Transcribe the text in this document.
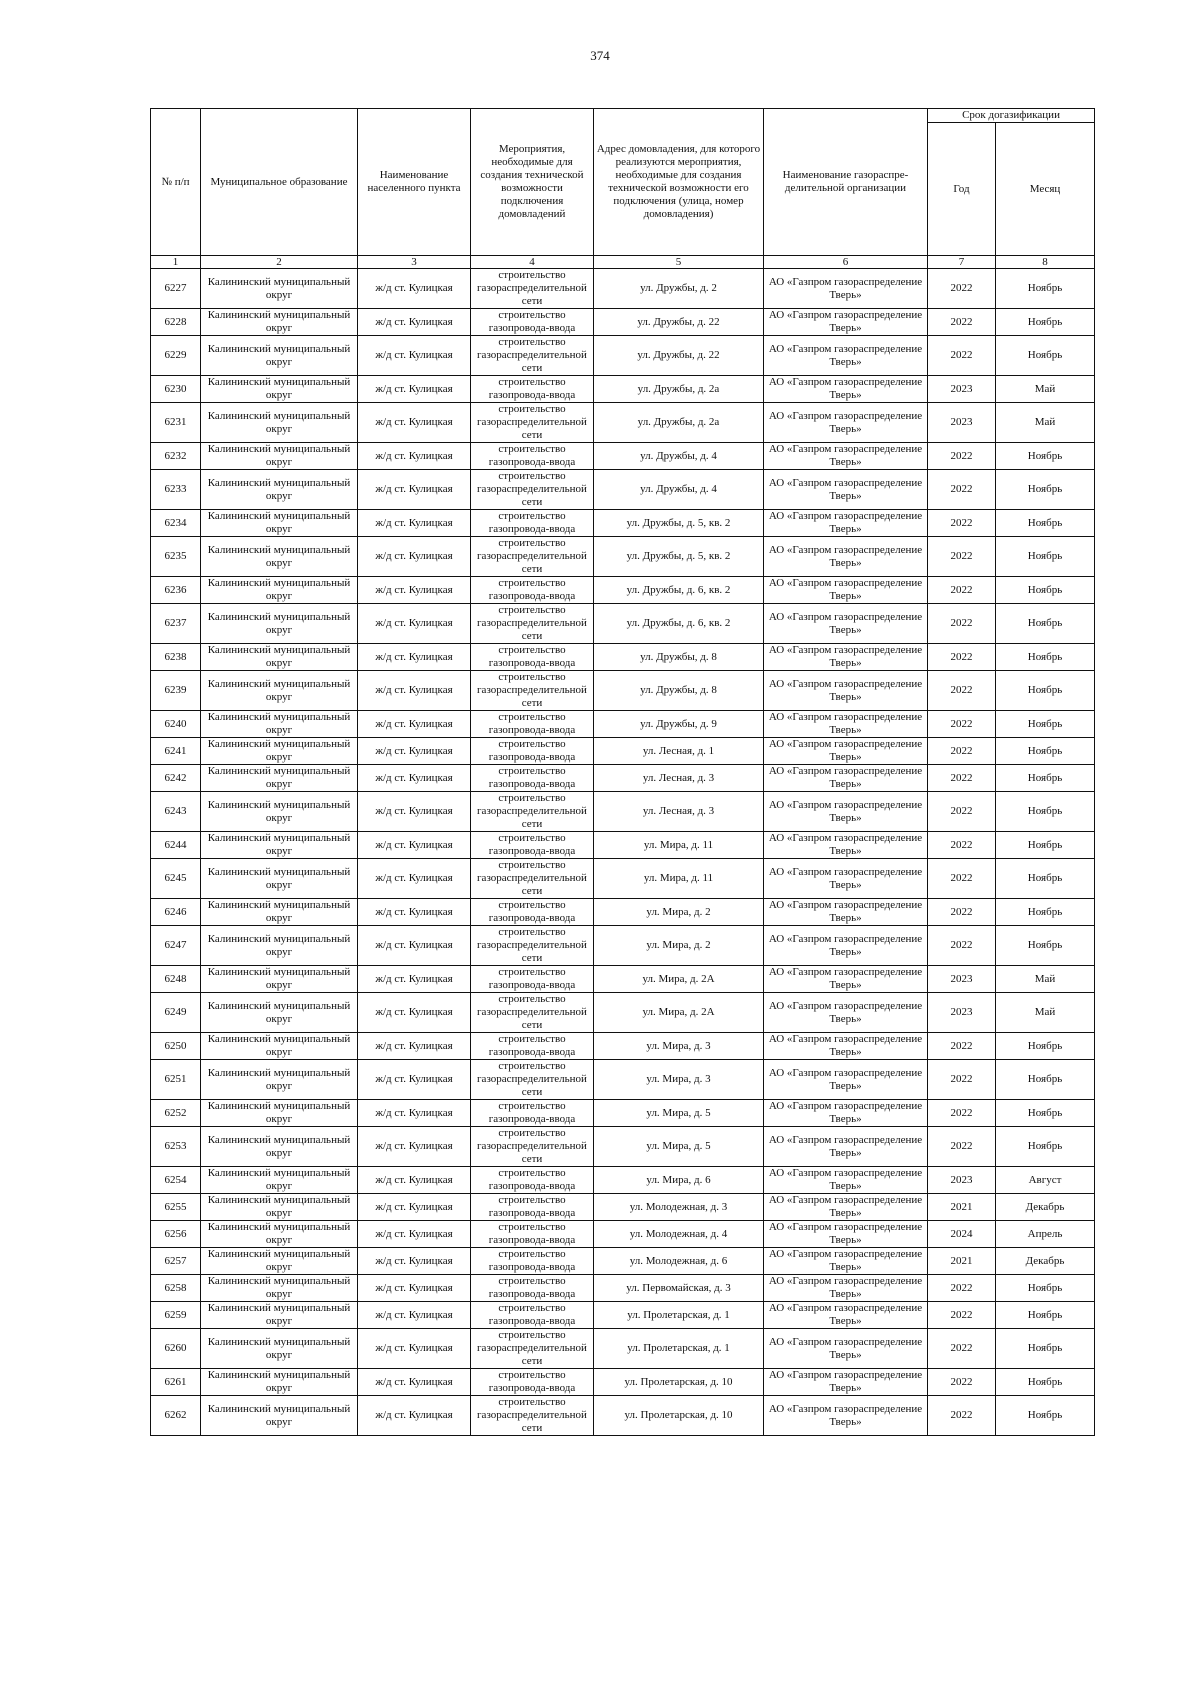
374
№ п/п	Муниципальное образование	Наименование населенного пункта	Мероприятия, необходимые для создания технической возможности подключения домовладений	Адрес домовладения, для которого реализуются мероприятия, необходимые для создания технической возможности его подключения (улица, номер домовладения)	Наименование газораспре-делительной организации	Срок догазификации	
						Год	Месяц
1	2	3	4	5	6	7	8
6227	Калининский муниципальный округ	ж/д ст. Кулицкая	строительство газораспределительной сети	ул. Дружбы, д. 2	АО «Газпром газораспределение Тверь»	2022	Ноябрь
6228	Калининский муниципальный округ	ж/д ст. Кулицкая	строительство газопровода-ввода	ул. Дружбы, д. 22	АО «Газпром газораспределение Тверь»	2022	Ноябрь
6229	Калининский муниципальный округ	ж/д ст. Кулицкая	строительство газораспределительной сети	ул. Дружбы, д. 22	АО «Газпром газораспределение Тверь»	2022	Ноябрь
6230	Калининский муниципальный округ	ж/д ст. Кулицкая	строительство газопровода-ввода	ул. Дружбы, д. 2а	АО «Газпром газораспределение Тверь»	2023	Май
6231	Калининский муниципальный округ	ж/д ст. Кулицкая	строительство газораспределительной сети	ул. Дружбы, д. 2а	АО «Газпром газораспределение Тверь»	2023	Май
6232	Калининский муниципальный округ	ж/д ст. Кулицкая	строительство газопровода-ввода	ул. Дружбы, д. 4	АО «Газпром газораспределение Тверь»	2022	Ноябрь
6233	Калининский муниципальный округ	ж/д ст. Кулицкая	строительство газораспределительной сети	ул. Дружбы, д. 4	АО «Газпром газораспределение Тверь»	2022	Ноябрь
6234	Калининский муниципальный округ	ж/д ст. Кулицкая	строительство газопровода-ввода	ул. Дружбы, д. 5, кв. 2	АО «Газпром газораспределение Тверь»	2022	Ноябрь
6235	Калининский муниципальный округ	ж/д ст. Кулицкая	строительство газораспределительной сети	ул. Дружбы, д. 5, кв. 2	АО «Газпром газораспределение Тверь»	2022	Ноябрь
6236	Калининский муниципальный округ	ж/д ст. Кулицкая	строительство газопровода-ввода	ул. Дружбы, д. 6, кв. 2	АО «Газпром газораспределение Тверь»	2022	Ноябрь
6237	Калининский муниципальный округ	ж/д ст. Кулицкая	строительство газораспределительной сети	ул. Дружбы, д. 6, кв. 2	АО «Газпром газораспределение Тверь»	2022	Ноябрь
6238	Калининский муниципальный округ	ж/д ст. Кулицкая	строительство газопровода-ввода	ул. Дружбы, д. 8	АО «Газпром газораспределение Тверь»	2022	Ноябрь
6239	Калининский муниципальный округ	ж/д ст. Кулицкая	строительство газораспределительной сети	ул. Дружбы, д. 8	АО «Газпром газораспределение Тверь»	2022	Ноябрь
6240	Калининский муниципальный округ	ж/д ст. Кулицкая	строительство газопровода-ввода	ул. Дружбы, д. 9	АО «Газпром газораспределение Тверь»	2022	Ноябрь
6241	Калининский муниципальный округ	ж/д ст. Кулицкая	строительство газопровода-ввода	ул. Лесная, д. 1	АО «Газпром газораспределение Тверь»	2022	Ноябрь
6242	Калининский муниципальный округ	ж/д ст. Кулицкая	строительство газопровода-ввода	ул. Лесная, д. 3	АО «Газпром газораспределение Тверь»	2022	Ноябрь
6243	Калининский муниципальный округ	ж/д ст. Кулицкая	строительство газораспределительной сети	ул. Лесная, д. 3	АО «Газпром газораспределение Тверь»	2022	Ноябрь
6244	Калининский муниципальный округ	ж/д ст. Кулицкая	строительство газопровода-ввода	ул. Мира, д. 11	АО «Газпром газораспределение Тверь»	2022	Ноябрь
6245	Калининский муниципальный округ	ж/д ст. Кулицкая	строительство газораспределительной сети	ул. Мира, д. 11	АО «Газпром газораспределение Тверь»	2022	Ноябрь
6246	Калининский муниципальный округ	ж/д ст. Кулицкая	строительство газопровода-ввода	ул. Мира, д. 2	АО «Газпром газораспределение Тверь»	2022	Ноябрь
6247	Калининский муниципальный округ	ж/д ст. Кулицкая	строительство газораспределительной сети	ул. Мира, д. 2	АО «Газпром газораспределение Тверь»	2022	Ноябрь
6248	Калининский муниципальный округ	ж/д ст. Кулицкая	строительство газопровода-ввода	ул. Мира, д. 2А	АО «Газпром газораспределение Тверь»	2023	Май
6249	Калининский муниципальный округ	ж/д ст. Кулицкая	строительство газораспределительной сети	ул. Мира, д. 2А	АО «Газпром газораспределение Тверь»	2023	Май
6250	Калининский муниципальный округ	ж/д ст. Кулицкая	строительство газопровода-ввода	ул. Мира, д. 3	АО «Газпром газораспределение Тверь»	2022	Ноябрь
6251	Калининский муниципальный округ	ж/д ст. Кулицкая	строительство газораспределительной сети	ул. Мира, д. 3	АО «Газпром газораспределение Тверь»	2022	Ноябрь
6252	Калининский муниципальный округ	ж/д ст. Кулицкая	строительство газопровода-ввода	ул. Мира, д. 5	АО «Газпром газораспределение Тверь»	2022	Ноябрь
6253	Калининский муниципальный округ	ж/д ст. Кулицкая	строительство газораспределительной сети	ул. Мира, д. 5	АО «Газпром газораспределение Тверь»	2022	Ноябрь
6254	Калининский муниципальный округ	ж/д ст. Кулицкая	строительство газопровода-ввода	ул. Мира, д. 6	АО «Газпром газораспределение Тверь»	2023	Август
6255	Калининский муниципальный округ	ж/д ст. Кулицкая	строительство газопровода-ввода	ул. Молодежная, д. 3	АО «Газпром газораспределение Тверь»	2021	Декабрь
6256	Калининский муниципальный округ	ж/д ст. Кулицкая	строительство газопровода-ввода	ул. Молодежная, д. 4	АО «Газпром газораспределение Тверь»	2024	Апрель
6257	Калининский муниципальный округ	ж/д ст. Кулицкая	строительство газопровода-ввода	ул. Молодежная, д. 6	АО «Газпром газораспределение Тверь»	2021	Декабрь
6258	Калининский муниципальный округ	ж/д ст. Кулицкая	строительство газопровода-ввода	ул. Первомайская, д. 3	АО «Газпром газораспределение Тверь»	2022	Ноябрь
6259	Калининский муниципальный округ	ж/д ст. Кулицкая	строительство газопровода-ввода	ул. Пролетарская, д. 1	АО «Газпром газораспределение Тверь»	2022	Ноябрь
6260	Калининский муниципальный округ	ж/д ст. Кулицкая	строительство газораспределительной сети	ул. Пролетарская, д. 1	АО «Газпром газораспределение Тверь»	2022	Ноябрь
6261	Калининский муниципальный округ	ж/д ст. Кулицкая	строительство газопровода-ввода	ул. Пролетарская, д. 10	АО «Газпром газораспределение Тверь»	2022	Ноябрь
6262	Калининский муниципальный округ	ж/д ст. Кулицкая	строительство газораспределительной сети	ул. Пролетарская, д. 10	АО «Газпром газораспределение Тверь»	2022	Ноябрь
